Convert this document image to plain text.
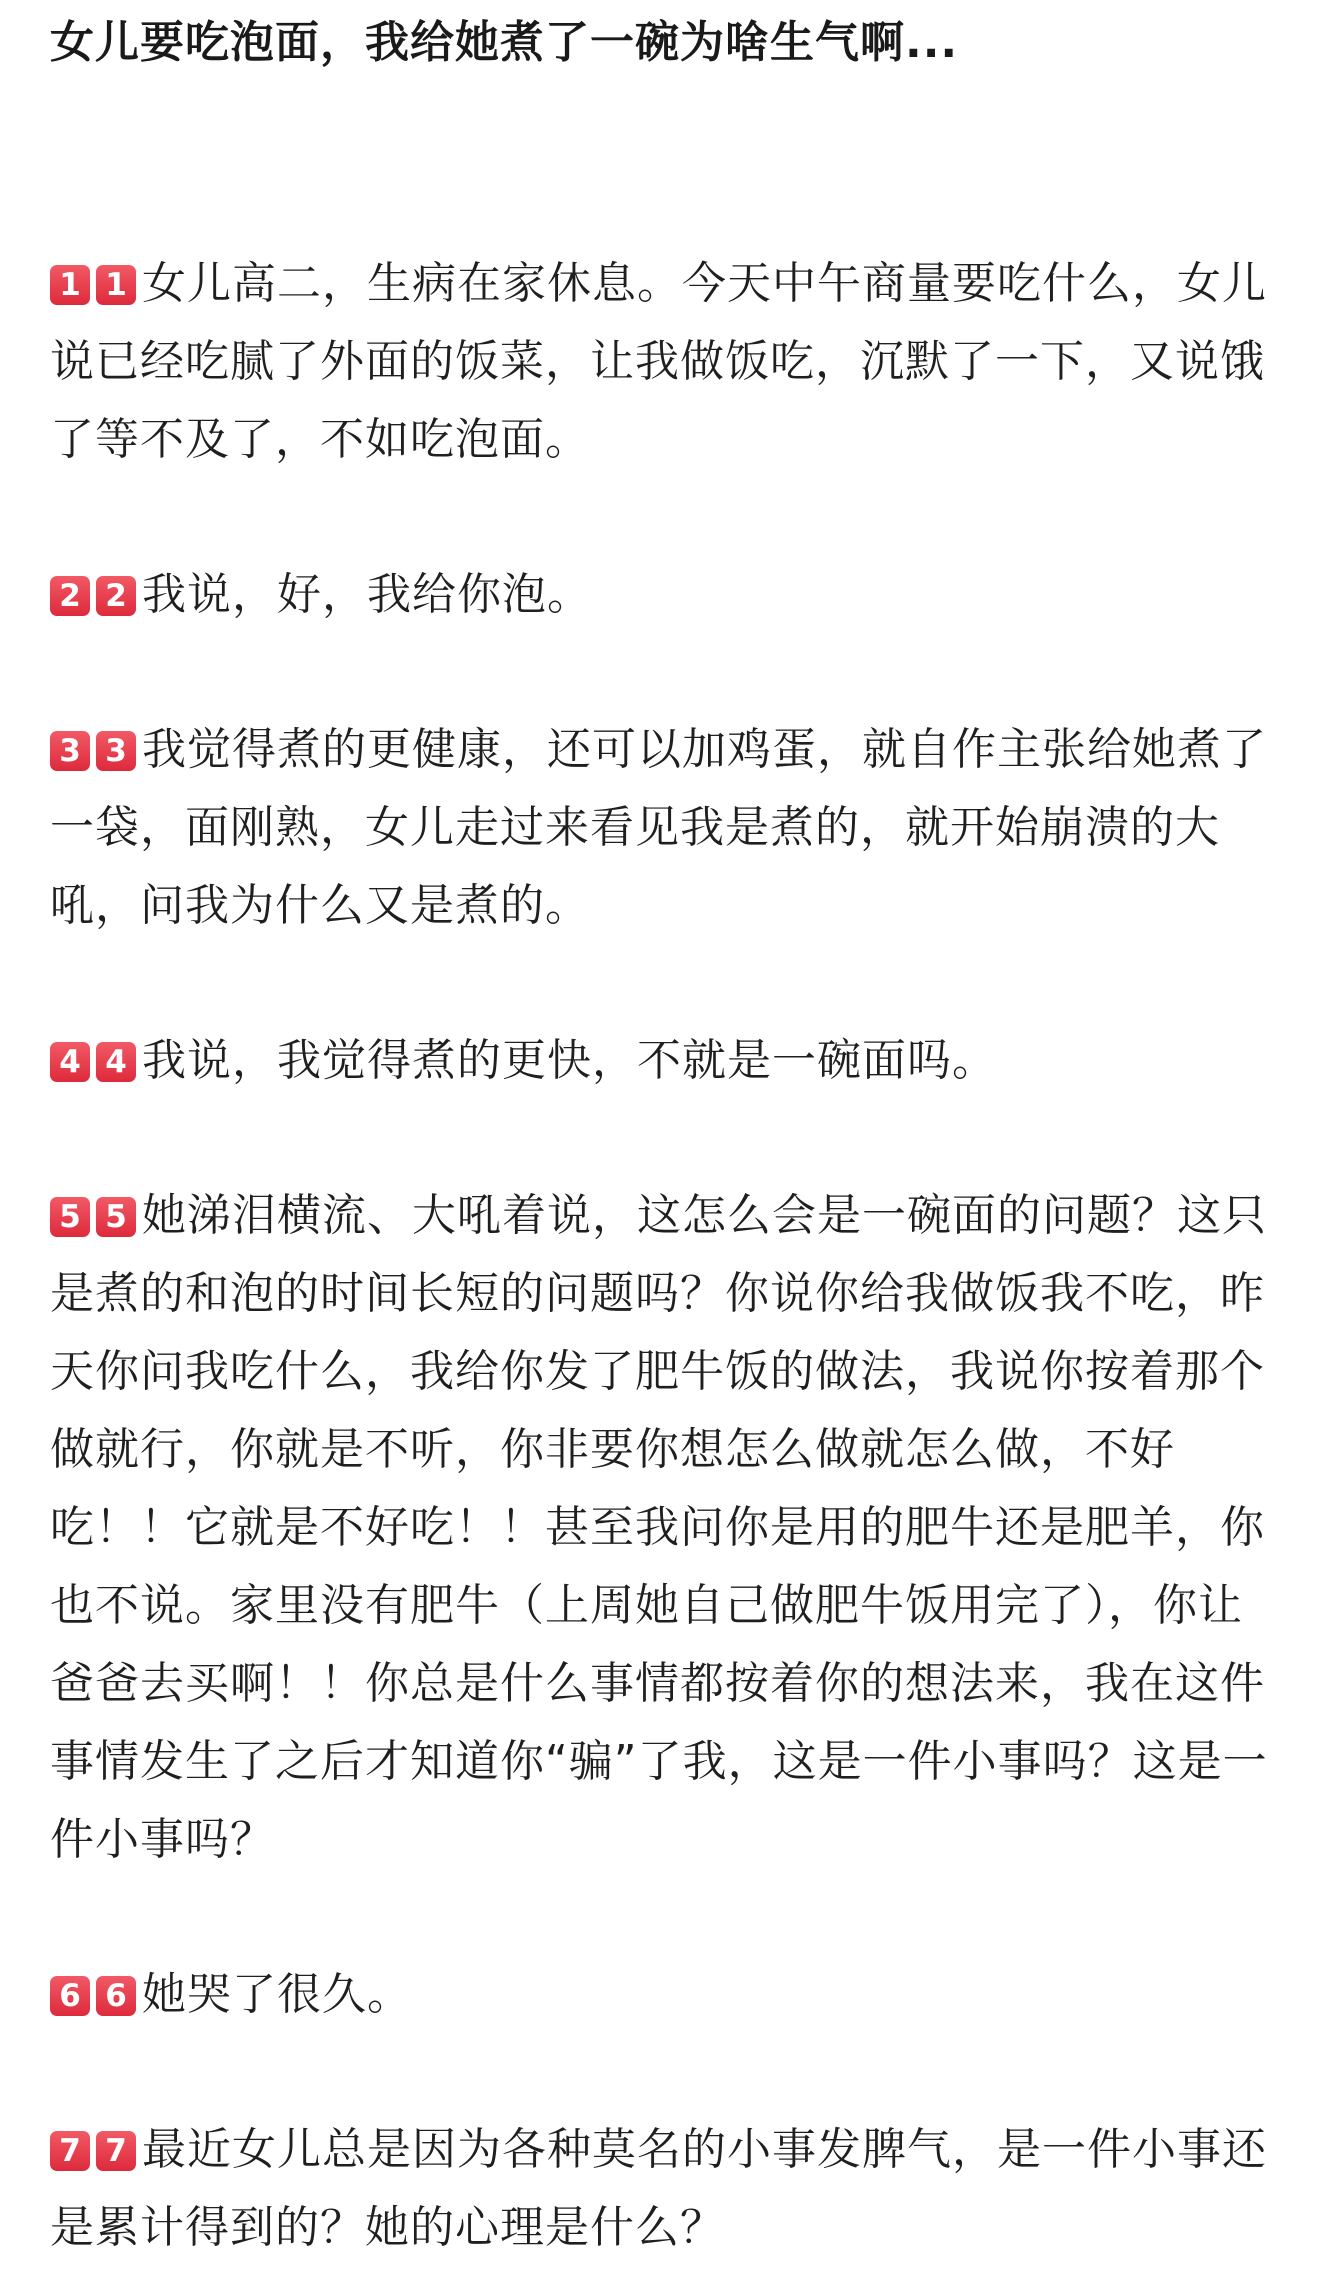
女儿要吃泡面，我给她煮了一碗为啥生气啊...

1 1 女儿高二，生病在家休息。今天中午商量要吃什么，女儿说已经吃腻了外面的饭菜，让我做饭吃，沉默了一下，又说饿了等不及了，不如吃泡面。

2 2 我说，好，我给你泡。

3 3 我觉得煮的更健康，还可以加鸡蛋，就自作主张给她煮了一袋，面刚熟，女儿走过来看见我是煮的，就开始崩溃的大吼，问我为什么又是煮的。

4 4 我说，我觉得煮的更快，不就是一碗面吗。

5 5 她涕泪横流、大吼着说，这怎么会是一碗面的问题？这只是煮的和泡的时间长短的问题吗？你说你给我做饭我不吃，昨天你问我吃什么，我给你发了肥牛饭的做法，我说你按着那个做就行，你就是不听，你非要你想怎么做就怎么做，不好吃！！它就是不好吃！！甚至我问你是用的肥牛还是肥羊，你也不说。家里没有肥牛（上周她自己做肥牛饭用完了），你让爸爸去买啊！！你总是什么事情都按着你的想法来，我在这件事情发生了之后才知道你“骗”了我，这是一件小事吗？这是一件小事吗？

6 6 她哭了很久。

7 7 最近女儿总是因为各种莫名的小事发脾气，是一件小事还是累计得到的？她的心理是什么？
